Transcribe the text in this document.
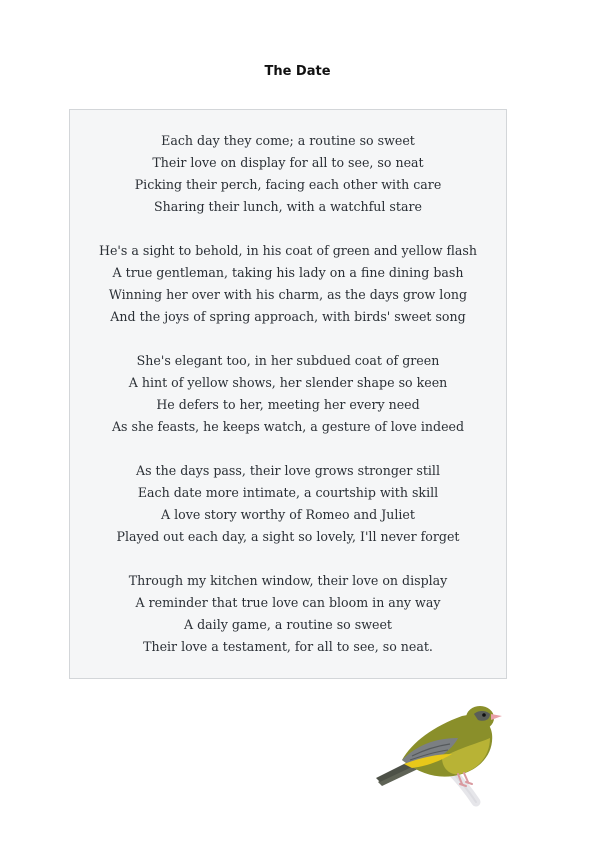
The Date
Each day they come; a routine so sweet
Their love on display for all to see, so neat
Picking their perch, facing each other with care
Sharing their lunch, with a watchful stare
He's a sight to behold, in his coat of green and yellow flash
A true gentleman, taking his lady on a fine dining bash
Winning her over with his charm, as the days grow long
And the joys of spring approach, with birds' sweet song
She's elegant too, in her subdued coat of green
A hint of yellow shows, her slender shape so keen
He defers to her, meeting her every need
As she feasts, he keeps watch, a gesture of love indeed
As the days pass, their love grows stronger still
Each date more intimate, a courtship with skill
A love story worthy of Romeo and Juliet
Played out each day, a sight so lovely, I'll never forget
Through my kitchen window, their love on display
A reminder that true love can bloom in any way
A daily game, a routine so sweet
Their love a testament, for all to see, so neat.
